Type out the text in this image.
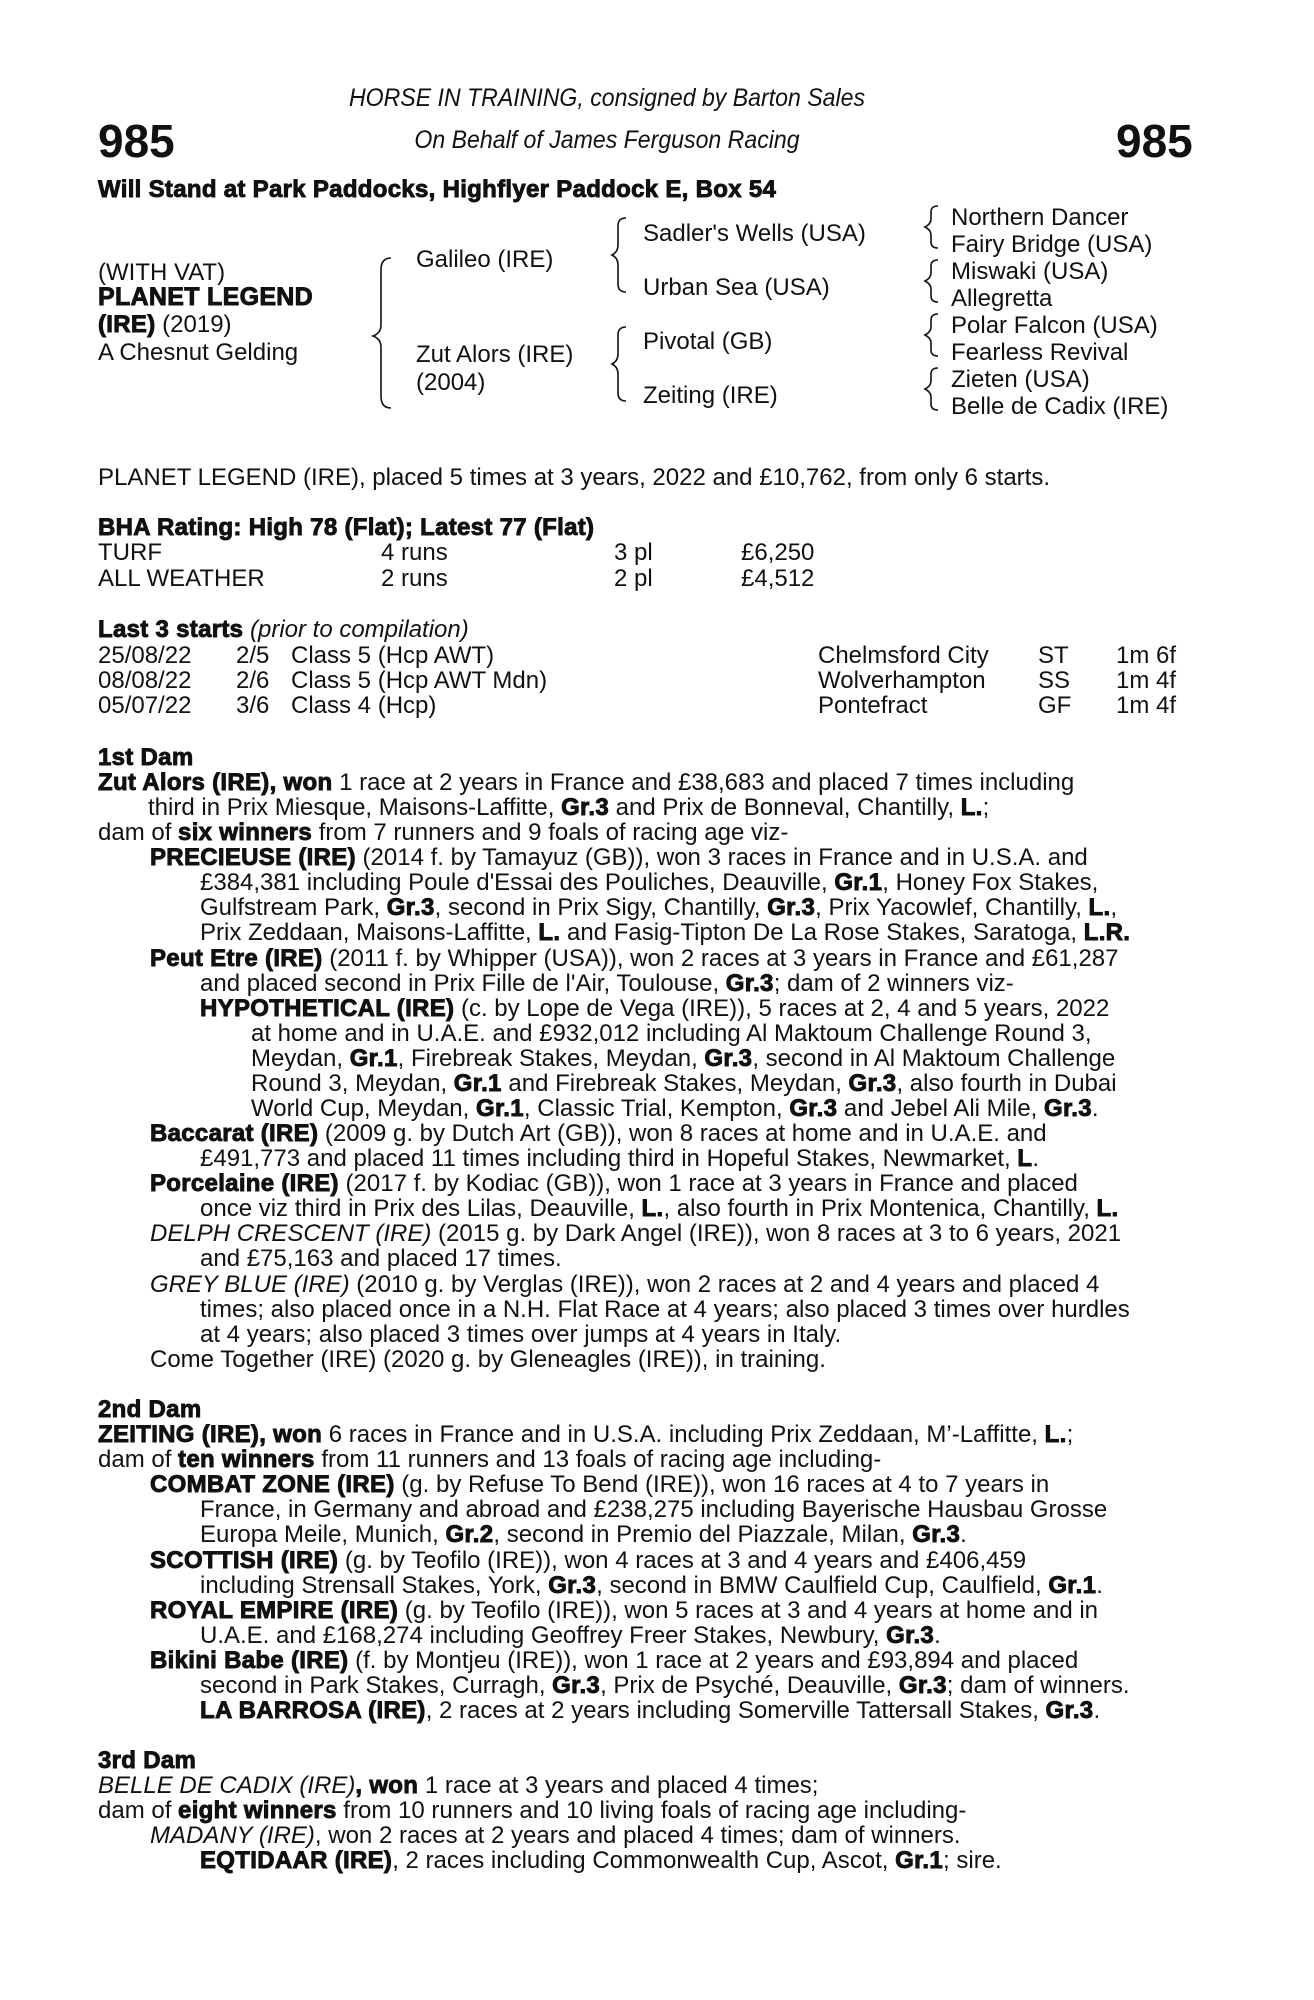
985	985
HORSE IN TRAINING, consigned by Barton Sales
On Behalf of James Ferguson Racing
Will Stand at Park Paddocks, Highflyer Paddock E, Box 54
(WITH VAT)
PLANET LEGEND
(IRE) (2019)
A Chesnut Gelding
Galileo (IRE)
Zut Alors (IRE)
(2004)
Sadler's Wells (USA)
Urban Sea (USA)
Pivotal (GB)
Zeiting (IRE)
Northern Dancer
Fairy Bridge (USA)
Miswaki (USA)
Allegretta
Polar Falcon (USA)
Fearless Revival
Zieten (USA)
Belle de Cadix (IRE)
PLANET LEGEND (IRE), placed 5 times at 3 years, 2022 and £10,762, from only 6 starts.
BHA Rating: High 78 (Flat); Latest 77 (Flat)
TURF	4 runs	3 pl	£6,250
ALL WEATHER	2 runs	2 pl	£4,512
Last 3 starts (prior to compilation)
25/08/22 2/5 Class 5 (Hcp AWT)	Chelmsford City ST 1m 6f
08/08/22 2/6 Class 5 (Hcp AWT Mdn)	Wolverhampton SS 1m 4f
05/07/22 3/6 Class 4 (Hcp)	Pontefract	GF 1m 4f
1st Dam
Zut Alors (IRE), won 1 race at 2 years in France and £38,683 and placed 7 times including
third in Prix Miesque, Maisons-Laffitte, Gr.3 and Prix de Bonneval, Chantilly, L.;
dam of six winners from 7 runners and 9 foals of racing age viz-
PRECIEUSE (IRE) (2014 f. by Tamayuz (GB)), won 3 races in France and in U.S.A. and
£384,381 including Poule d'Essai des Pouliches, Deauville, Gr.1, Honey Fox Stakes,
Gulfstream Park, Gr.3, second in Prix Sigy, Chantilly, Gr.3, Prix Yacowlef, Chantilly, L.,
Prix Zeddaan, Maisons-Laffitte, L. and Fasig-Tipton De La Rose Stakes, Saratoga, L.R.
Peut Etre (IRE) (2011 f. by Whipper (USA)), won 2 races at 3 years in France and £61,287
and placed second in Prix Fille de l'Air, Toulouse, Gr.3; dam of 2 winners viz-
HYPOTHETICAL (IRE) (c. by Lope de Vega (IRE)), 5 races at 2, 4 and 5 years, 2022
at home and in U.A.E. and £932,012 including Al Maktoum Challenge Round 3,
Meydan, Gr.1, Firebreak Stakes, Meydan, Gr.3, second in Al Maktoum Challenge
Round 3, Meydan, Gr.1 and Firebreak Stakes, Meydan, Gr.3, also fourth in Dubai
World Cup, Meydan, Gr.1, Classic Trial, Kempton, Gr.3 and Jebel Ali Mile, Gr.3.
Baccarat (IRE) (2009 g. by Dutch Art (GB)), won 8 races at home and in U.A.E. and
£491,773 and placed 11 times including third in Hopeful Stakes, Newmarket, L.
Porcelaine (IRE) (2017 f. by Kodiac (GB)), won 1 race at 3 years in France and placed
once viz third in Prix des Lilas, Deauville, L., also fourth in Prix Montenica, Chantilly, L.
DELPH CRESCENT (IRE) (2015 g. by Dark Angel (IRE)), won 8 races at 3 to 6 years, 2021
and £75,163 and placed 17 times.
GREY BLUE (IRE) (2010 g. by Verglas (IRE)), won 2 races at 2 and 4 years and placed 4
times; also placed once in a N.H. Flat Race at 4 years; also placed 3 times over hurdles
at 4 years; also placed 3 times over jumps at 4 years in Italy.
Come Together (IRE) (2020 g. by Gleneagles (IRE)), in training.
2nd Dam
ZEITING (IRE), won 6 races in France and in U.S.A. including Prix Zeddaan, M’-Laffitte, L.;
dam of ten winners from 11 runners and 13 foals of racing age including-
COMBAT ZONE (IRE) (g. by Refuse To Bend (IRE)), won 16 races at 4 to 7 years in
France, in Germany and abroad and £238,275 including Bayerische Hausbau Grosse
Europa Meile, Munich, Gr.2, second in Premio del Piazzale, Milan, Gr.3.
SCOTTISH (IRE) (g. by Teofilo (IRE)), won 4 races at 3 and 4 years and £406,459
including Strensall Stakes, York, Gr.3, second in BMW Caulfield Cup, Caulfield, Gr.1.
ROYAL EMPIRE (IRE) (g. by Teofilo (IRE)), won 5 races at 3 and 4 years at home and in
U.A.E. and £168,274 including Geoffrey Freer Stakes, Newbury, Gr.3.
Bikini Babe (IRE) (f. by Montjeu (IRE)), won 1 race at 2 years and £93,894 and placed
second in Park Stakes, Curragh, Gr.3, Prix de Psyché, Deauville, Gr.3; dam of winners.
LA BARROSA (IRE), 2 races at 2 years including Somerville Tattersall Stakes, Gr.3.
3rd Dam
BELLE DE CADIX (IRE), won 1 race at 3 years and placed 4 times;
dam of eight winners from 10 runners and 10 living foals of racing age including-
MADANY (IRE), won 2 races at 2 years and placed 4 times; dam of winners.
EQTIDAAR (IRE), 2 races including Commonwealth Cup, Ascot, Gr.1; sire.
